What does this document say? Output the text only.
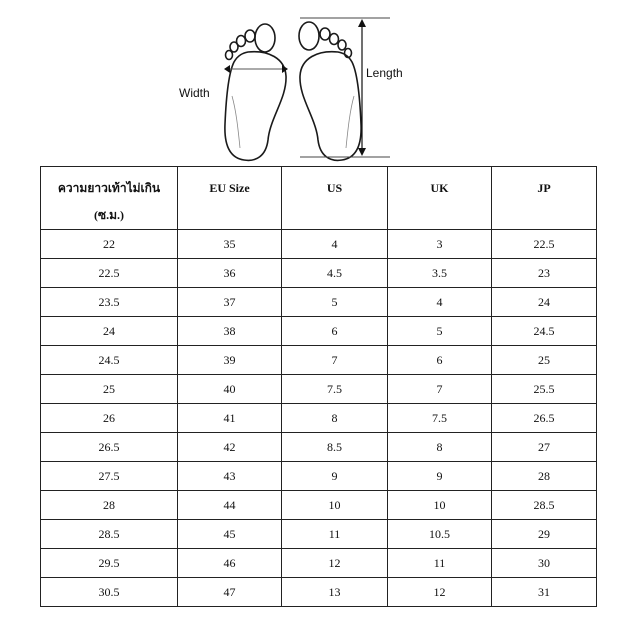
Width
Length
ความยาวเท้าไม่เกิน
(ซ.ม.)	EU Size	US	UK	JP

22	35	4	3	22.5
22.5	36	4.5	3.5	23
23.5	37	5	4	24
24	38	6	5	24.5
24.5	39	7	6	25
25	40	7.5	7	25.5
26	41	8	7.5	26.5
26.5	42	8.5	8	27
27.5	43	9	9	28
28	44	10	10	28.5
28.5	45	11	10.5	29
29.5	46	12	11	30
30.5	47	13	12	31
